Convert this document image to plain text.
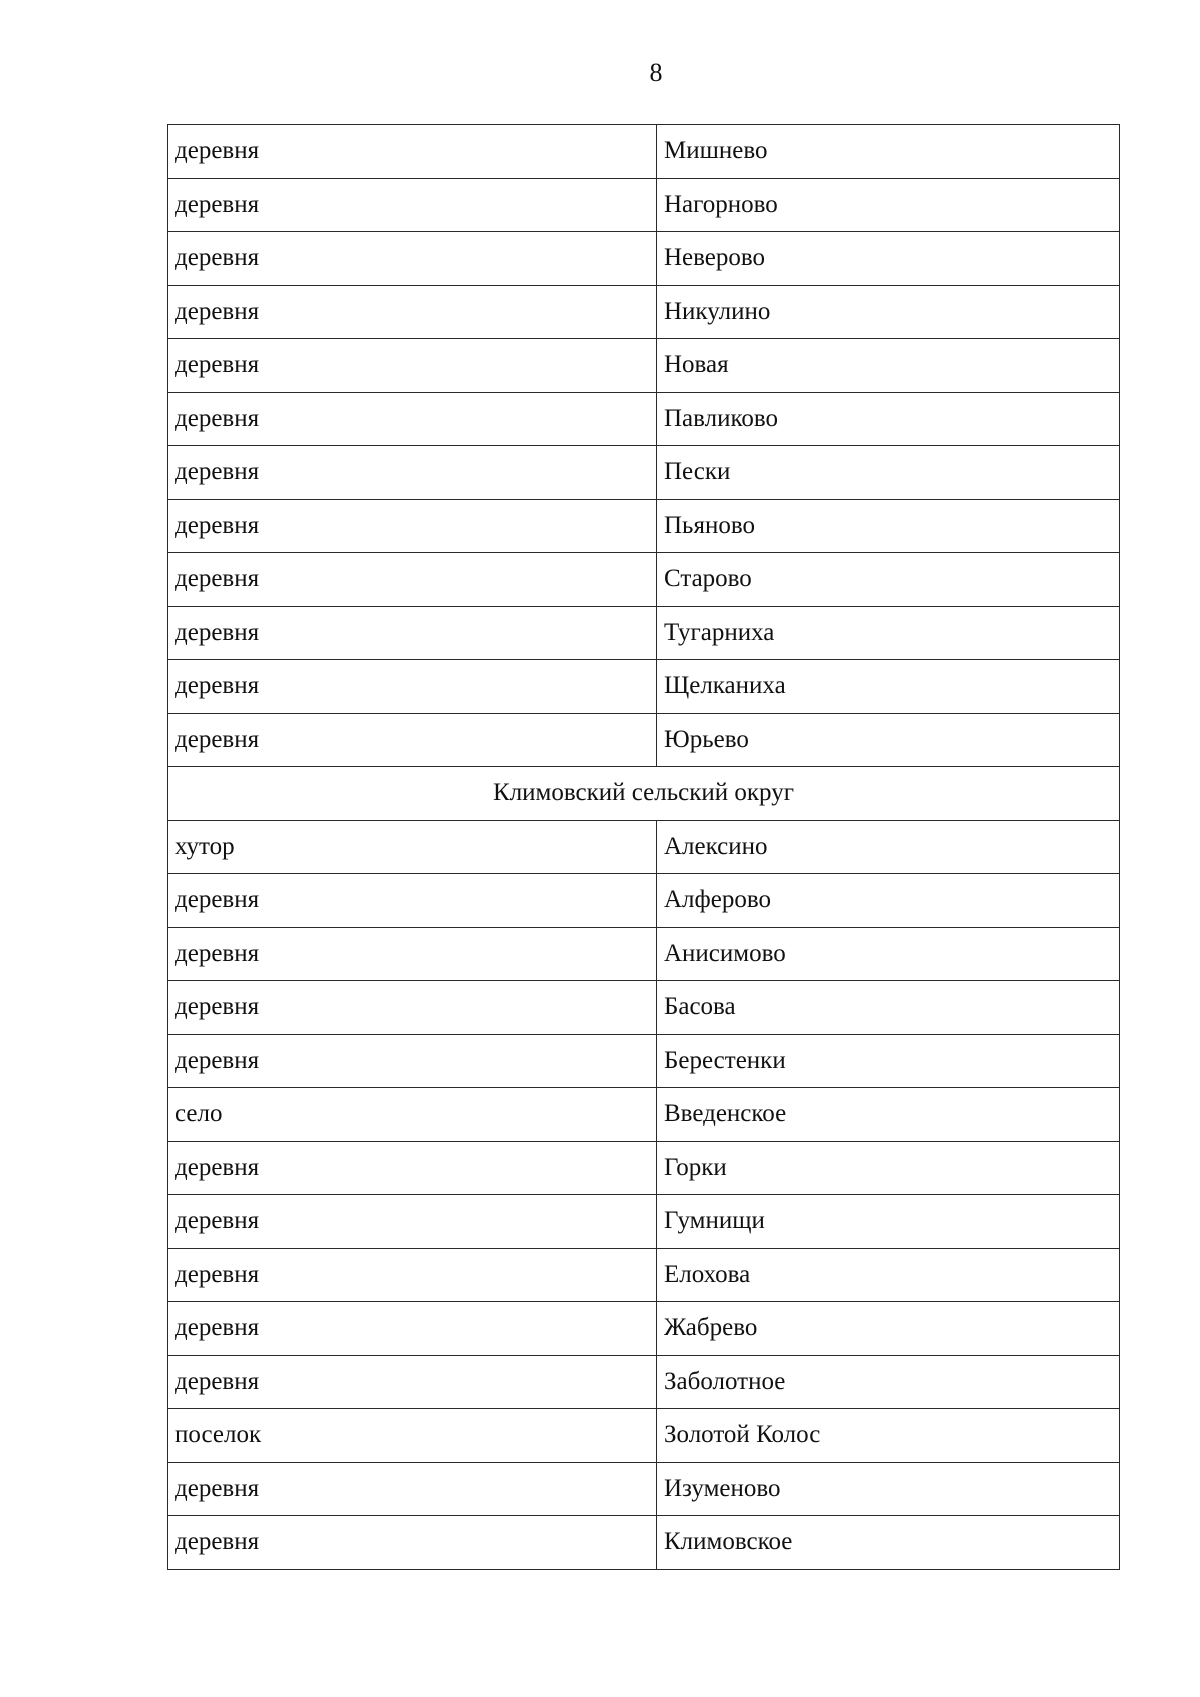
8
деревня	Мишнево
деревня	Нагорново
деревня	Неверово
деревня	Никулино
деревня	Новая
деревня	Павликово
деревня	Пески
деревня	Пьяново
деревня	Старово
деревня	Тугарниха
деревня	Щелканиха
деревня	Юрьево
Климовский сельский округ	
хутор	Алексино
деревня	Алферово
деревня	Анисимово
деревня	Басова
деревня	Берестенки
село	Введенское
деревня	Горки
деревня	Гумнищи
деревня	Елохова
деревня	Жабрево
деревня	Заболотное
поселок	Золотой Колос
деревня	Изуменово
деревня	Климовское
